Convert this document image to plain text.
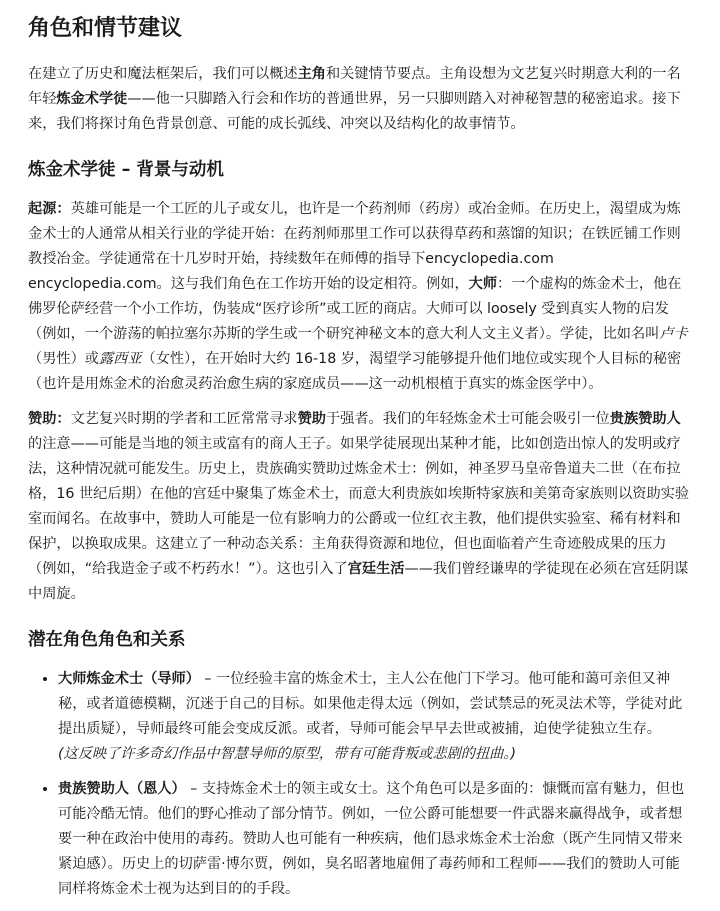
角色和情节建议

在建立了历史和魔法框架后，我们可以概述主角和关键情节要点。主角设想为文艺复兴时期意大利的一名年轻炼金术学徒——他一只脚踏入行会和作坊的普通世界，另一只脚则踏入对神秘智慧的秘密追求。接下来，我们将探讨角色背景创意、可能的成长弧线、冲突以及结构化的故事情节。

炼金术学徒 – 背景与动机

起源：英雄可能是一个工匠的儿子或女儿，也许是一个药剂师（药房）或冶金师。在历史上，渴望成为炼金术士的人通常从相关行业的学徒开始：在药剂师那里工作可以获得草药和蒸馏的知识；在铁匠铺工作则教授冶金。学徒通常在十几岁时开始，持续数年在师傅的指导下encyclopedia.com encyclopedia.com。这与我们角色在工作坊开始的设定相符。例如，大师：一个虚构的炼金术士，他在佛罗伦萨经营一个小工作坊，伪装成“医疗诊所”或工匠的商店。大师可以 loosely 受到真实人物的启发（例如，一个游荡的帕拉塞尔苏斯的学生或一个研究神秘文本的意大利人文主义者）。学徒，比如名叫卢卡（男性）或露西亚（女性），在开始时大约 16-18 岁，渴望学习能够提升他们地位或实现个人目标的秘密（也许是用炼金术的治愈灵药治愈生病的家庭成员——这一动机根植于真实的炼金医学中）。

赞助：文艺复兴时期的学者和工匠常常寻求赞助于强者。我们的年轻炼金术士可能会吸引一位贵族赞助人的注意——可能是当地的领主或富有的商人王子。如果学徒展现出某种才能，比如创造出惊人的发明或疗法，这种情况就可能发生。历史上，贵族确实赞助过炼金术士：例如，神圣罗马皇帝鲁道夫二世（在布拉格，16 世纪后期）在他的宫廷中聚集了炼金术士，而意大利贵族如埃斯特家族和美第奇家族则以资助实验室而闻名。在故事中，赞助人可能是一位有影响力的公爵或一位红衣主教，他们提供实验室、稀有材料和保护，以换取成果。这建立了一种动态关系：主角获得资源和地位，但也面临着产生奇迹般成果的压力（例如，“给我造金子或不朽药水！”）。这也引入了宫廷生活——我们曾经谦卑的学徒现在必须在宫廷阴谋中周旋。

潜在角色角色和关系
• 大师炼金术士（导师） – 一位经验丰富的炼金术士，主人公在他门下学习。他可能和蔼可亲但又神秘，或者道德模糊，沉迷于自己的目标。如果他走得太远（例如，尝试禁忌的死灵法术等，学徒对此提出质疑），导师最终可能会变成反派。或者，导师可能会早早去世或被捕，迫使学徒独立生存。
(这反映了许多奇幻作品中智慧导师的原型，带有可能背叛或悲剧的扭曲。)
• 贵族赞助人（恩人） – 支持炼金术士的领主或女士。这个角色可以是多面的：慷慨而富有魅力，但也可能冷酷无情。他们的野心推动了部分情节。例如，一位公爵可能想要一件武器来赢得战争，或者想要一种在政治中使用的毒药。赞助人也可能有一种疾病，他们恳求炼金术士治愈（既产生同情又带来紧迫感）。历史上的切萨雷·博尔贾，例如，臭名昭著地雇佣了毒药师和工程师——我们的赞助人可能同样将炼金术士视为达到目的的手段。
